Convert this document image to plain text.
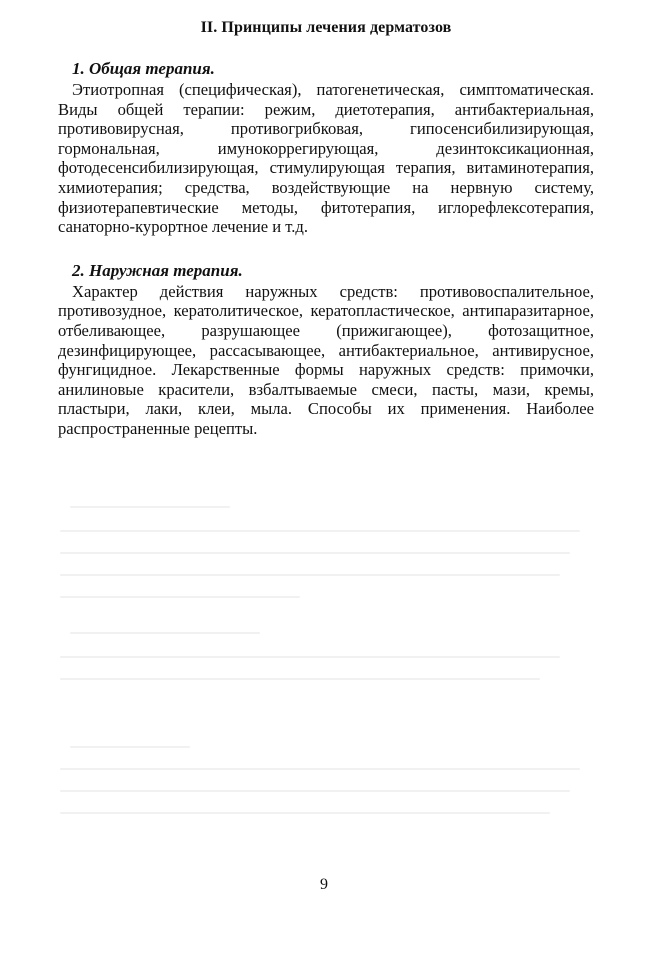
II. Принципы лечения дерматозов
1. Общая терапия.

Этиотропная (специфическая), патогенетическая, симптоматическая. Виды общей терапии: режим, диетотерапия, антибактериальная, противовирусная, противогрибковая, гипосенсибилизирующая, гормональная, имунокоррегирующая, дезинтоксикационная, фотодесенсибилизирующая, стимулирующая терапия, витаминотерапия, химиотерапия; средства, воздействующие на нервную систему, физиотерапевтические методы, фитотерапия, иглорефлексотерапия, санаторно-курортное лечение и т.д.

2. Наружная терапия.

Характер действия наружных средств: противовоспалительное, противозудное, кератолитическое, кератопластическое, антипаразитарное, отбеливающее, разрушающее (прижигающее), фотозащитное, дезинфицирующее, рассасывающее, антибактериальное, антивирусное, фунгицидное. Лекарственные формы наружных средств: примочки, анилиновые красители, взбалтываемые смеси, пасты, мази, кремы, пластыри, лаки, клеи, мыла. Способы их применения. Наиболее распространенные рецепты.

9
